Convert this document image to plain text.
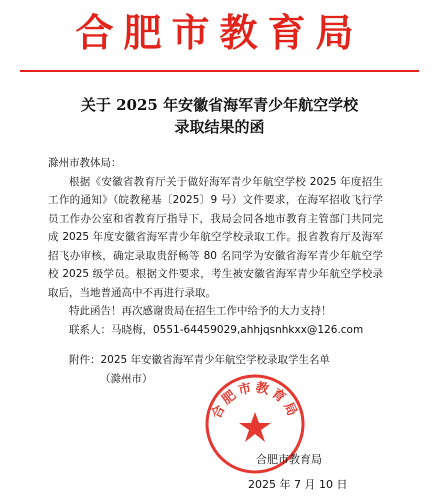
合肥市教育局
关于 2025 年安徽省海军青少年航空学校
录取结果的函

滁州市教体局：

根据《安徽省教育厅关于做好海军青少年航空学校 2025 年度招生工作的通知》（皖教秘基〔2025〕9 号）文件要求，在海军招收飞行学员工作办公室和省教育厅指导下，我局会同各地市教育主管部门共同完成 2025 年度安徽省海军青少年航空学校录取工作。报省教育厅及海军招飞办审核，确定录取贵舒畅等 80 名同学为安徽省海军青少年航空学校 2025 级学员。根据文件要求，考生被安徽省海军青少年航空学校录取后，当地普通高中不再进行录取。

特此函告！再次感谢贵局在招生工作中给予的大力支持！

联系人：马晓梅，0551-64459029,ahhjqsnhkxx@126.com

附件：2025 年安徽省海军青少年航空学校录取学生名单

（滁州市）

合肥市教育局
合肥市教育局
2025 年 7 月 10 日
